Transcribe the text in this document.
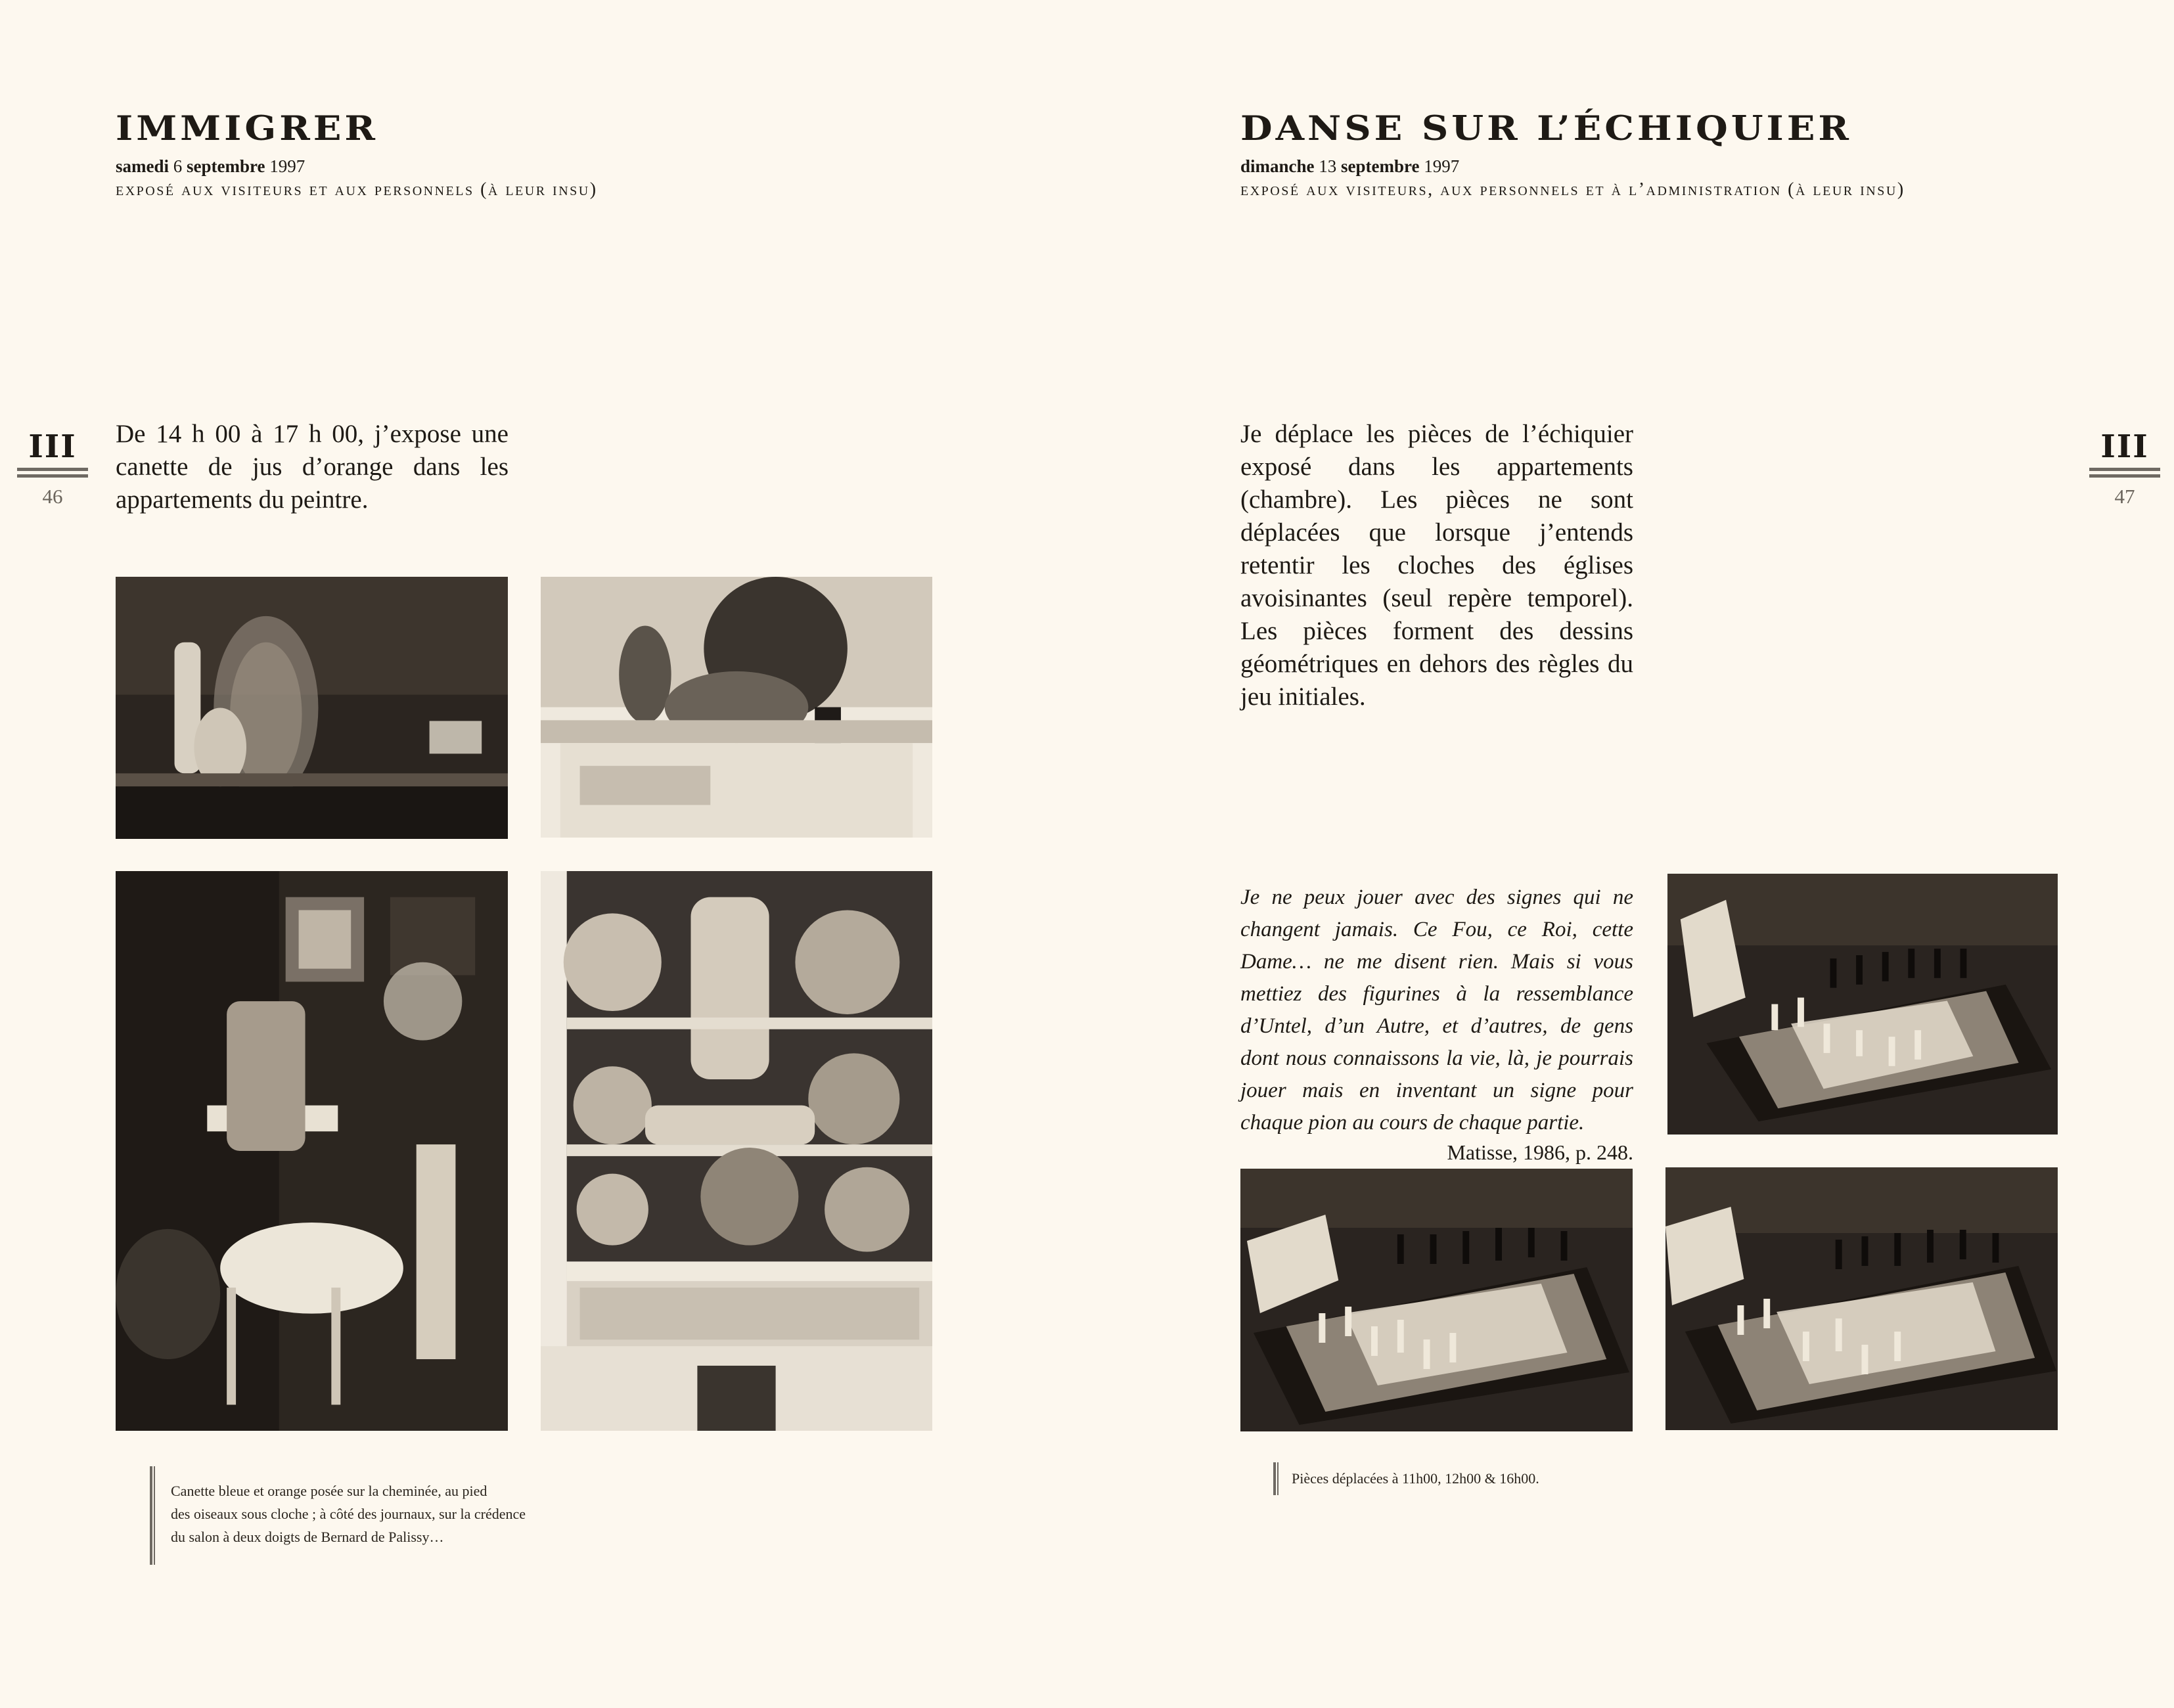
IMMIGRER
samedi 6 septembre 1997
exposé aux visiteurs et aux personnels (à leur insu)
III
46

De 14 h 00 à 17 h 00, j’expose une canette de jus d’orange dans les appartements du peintre.

Canette bleue et orange posée sur la cheminée, au pied
des oiseaux sous cloche ; à côté des journaux, sur la crédence
du salon à deux doigts de Bernard de Palissy…
DANSE SUR L’ÉCHIQUIER
dimanche 13 septembre 1997
exposé aux visiteurs, aux personnels et à l’administration (à leur insu)
III
47

Je déplace les pièces de l’échiquier exposé dans les appartements (chambre). Les pièces ne sont déplacées que lorsque j’entends retentir les cloches des églises avoisinantes (seul repère temporel). Les pièces forment des dessins géométriques en dehors des règles du jeu initiales.

Je ne peux jouer avec des signes qui ne changent jamais. Ce Fou, ce Roi, cette Dame… ne me disent rien. Mais si vous mettiez des figurines à la ressemblance d’Untel, d’un Autre, et d’autres, de gens dont nous connaissons la vie, là, je pourrais jouer mais en inventant un signe pour chaque pion au cours de chaque partie.

Matisse, 1986, p. 248.
Pièces déplacées à 11h00, 12h00 & 16h00.
